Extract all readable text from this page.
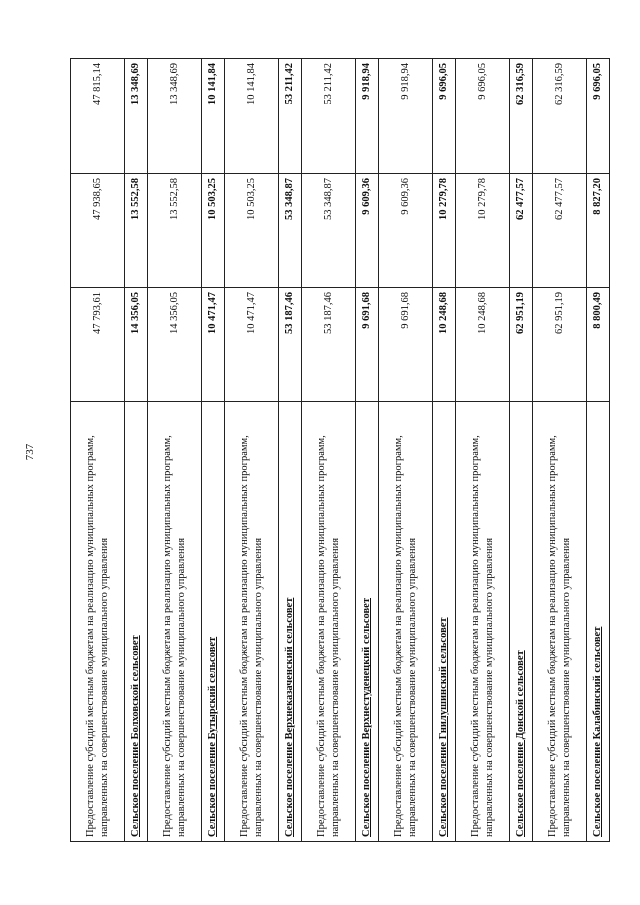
737	Предоставление субсидий местным бюджетам на реализацию муниципальных программ, направленных на совершенствование муниципального управления	47 793,61	47 938,65	47 815,14
Сельское поселение Болховской сельсовет	14 356,05	13 552,58	13 348,69
Предоставление субсидий местным бюджетам на реализацию муниципальных программ, направленных на совершенствование муниципального управления	14 356,05	13 552,58	13 348,69
Сельское поселение Бутырский сельсовет	10 471,47	10 503,25	10 141,84
Предоставление субсидий местным бюджетам на реализацию муниципальных программ, направленных на совершенствование муниципального управления	10 471,47	10 503,25	10 141,84
Сельское поселение Верхнеказаченский сельсовет	53 187,46	53 348,87	53 211,42
Предоставление субсидий местным бюджетам на реализацию муниципальных программ, направленных на совершенствование муниципального управления	53 187,46	53 348,87	53 211,42
Сельское поселение Верхнестуденецкий сельсовет	9 691,68	9 609,36	9 918,94
Предоставление субсидий местным бюджетам на реализацию муниципальных программ, направленных на совершенствование муниципального управления	9 691,68	9 609,36	9 918,94
Сельское поселение Гнилушинский сельсовет	10 248,68	10 279,78	9 696,05
Предоставление субсидий местным бюджетам на реализацию муниципальных программ, направленных на совершенствование муниципального управления	10 248,68	10 279,78	9 696,05
Сельское поселение Донской сельсовет	62 951,19	62 477,57	62 316,59
Предоставление субсидий местным бюджетам на реализацию муниципальных программ, направленных на совершенствование муниципального управления	62 951,19	62 477,57	62 316,59
Сельское поселение Калабинский сельсовет	8 800,49	8 827,20	9 696,05
